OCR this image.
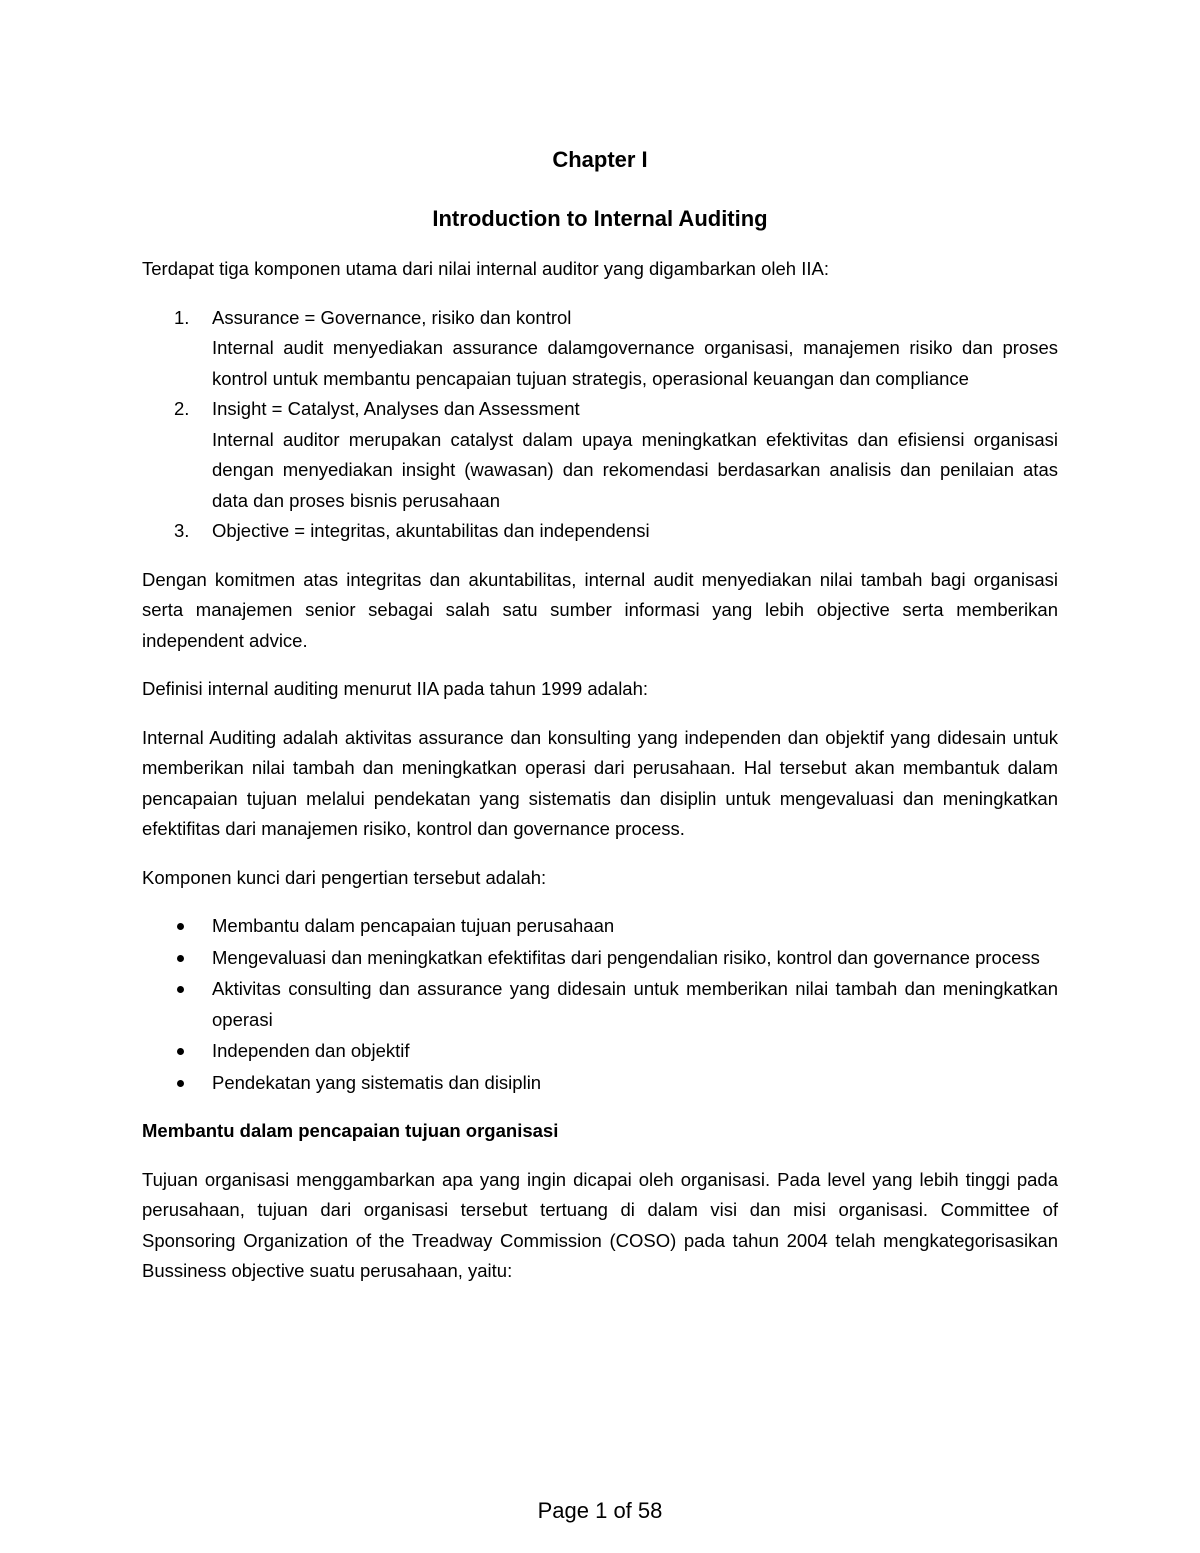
Chapter I
Introduction to Internal Auditing

Terdapat tiga komponen utama dari nilai internal auditor yang digambarkan oleh IIA:

1. Assurance = Governance, risiko dan kontrol
Internal audit menyediakan assurance dalamgovernance organisasi, manajemen risiko dan proses kontrol untuk membantu pencapaian tujuan strategis, operasional keuangan dan compliance
2. Insight = Catalyst, Analyses dan Assessment
Internal auditor merupakan catalyst dalam upaya meningkatkan efektivitas dan efisiensi organisasi dengan menyediakan insight (wawasan) dan rekomendasi berdasarkan analisis dan penilaian atas data dan proses bisnis perusahaan
3. Objective = integritas, akuntabilitas dan independensi

Dengan komitmen atas integritas dan akuntabilitas, internal audit menyediakan nilai tambah bagi organisasi serta manajemen senior sebagai salah satu sumber informasi yang lebih objective serta memberikan independent advice.

Definisi internal auditing menurut IIA pada tahun 1999 adalah:

Internal Auditing adalah aktivitas assurance dan konsulting yang independen dan objektif yang didesain untuk memberikan nilai tambah dan meningkatkan operasi dari perusahaan. Hal tersebut akan membantuk dalam pencapaian tujuan melalui pendekatan yang sistematis dan disiplin untuk mengevaluasi dan meningkatkan efektifitas dari manajemen risiko, kontrol dan governance process.

Komponen kunci dari pengertian tersebut adalah:

Membantu dalam pencapaian tujuan perusahaan
Mengevaluasi dan meningkatkan efektifitas dari pengendalian risiko, kontrol dan governance process
Aktivitas consulting dan assurance yang didesain untuk memberikan nilai tambah dan meningkatkan operasi
Independen dan objektif
Pendekatan yang sistematis dan disiplin
Membantu dalam pencapaian tujuan organisasi

Tujuan organisasi menggambarkan apa yang ingin dicapai oleh organisasi. Pada level yang lebih tinggi pada perusahaan, tujuan dari organisasi tersebut tertuang di dalam visi dan misi organisasi. Committee of Sponsoring Organization of the Treadway Commission (COSO) pada tahun 2004 telah mengkategorisasikan Bussiness objective suatu perusahaan, yaitu:

Page 1 of 58
